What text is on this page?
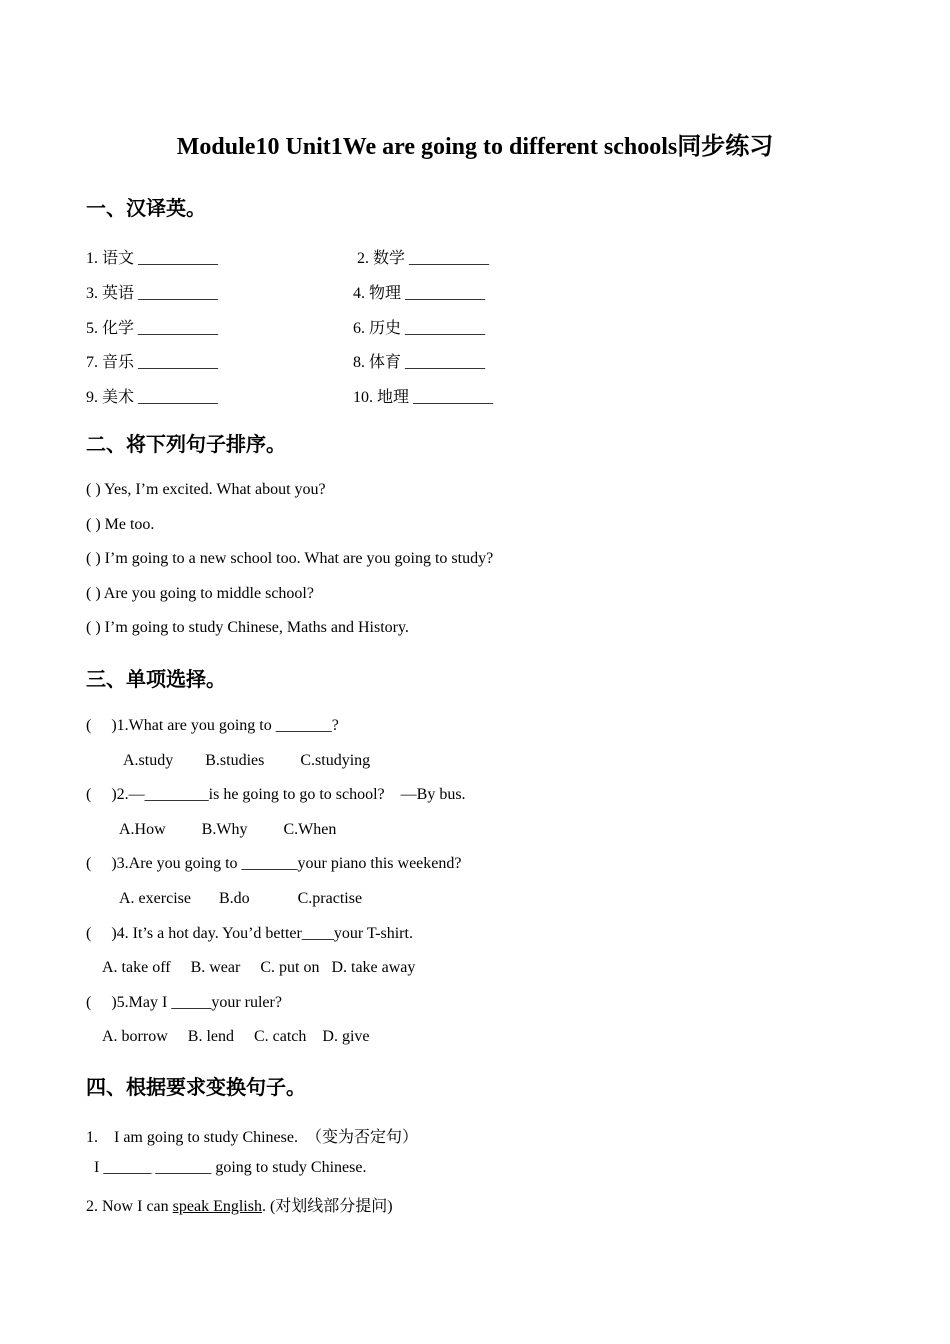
Module10 Unit1We are going to different schools同步练习
一、汉译英。
1. 语文 __________	2. 数学 __________
3. 英语 __________	4. 物理 __________
5. 化学 __________	6. 历史 __________
7. 音乐 __________	8. 体育 __________
9. 美术 __________	10. 地理 __________
二、将下列句子排序。
( ) Yes, I’m excited. What about you?
( ) Me too.
( ) I’m going to a new school too. What are you going to study?
( ) Are you going to middle school?
( ) I’m going to study Chinese, Maths and History.
三、单项选择。
(     )1.What are you going to _______?
A.study        B.studies         C.studying
(     )2.—________is he going to go to school?    —By bus.
A.How         B.Why         C.When
(     )3.Are you going to _______your piano this weekend?
A. exercise       B.do            C.practise
(     )4. It’s a hot day. You’d better____your T-shirt.
A. take off     B. wear     C. put on   D. take away
(     )5.May I _____your ruler?
A. borrow     B. lend     C. catch    D. give
四、根据要求变换句子。
1.    I am going to study Chinese.  （变为否定句）
I ______ _______ going to study Chinese.
2. Now I can speak English. (对划线部分提问)
